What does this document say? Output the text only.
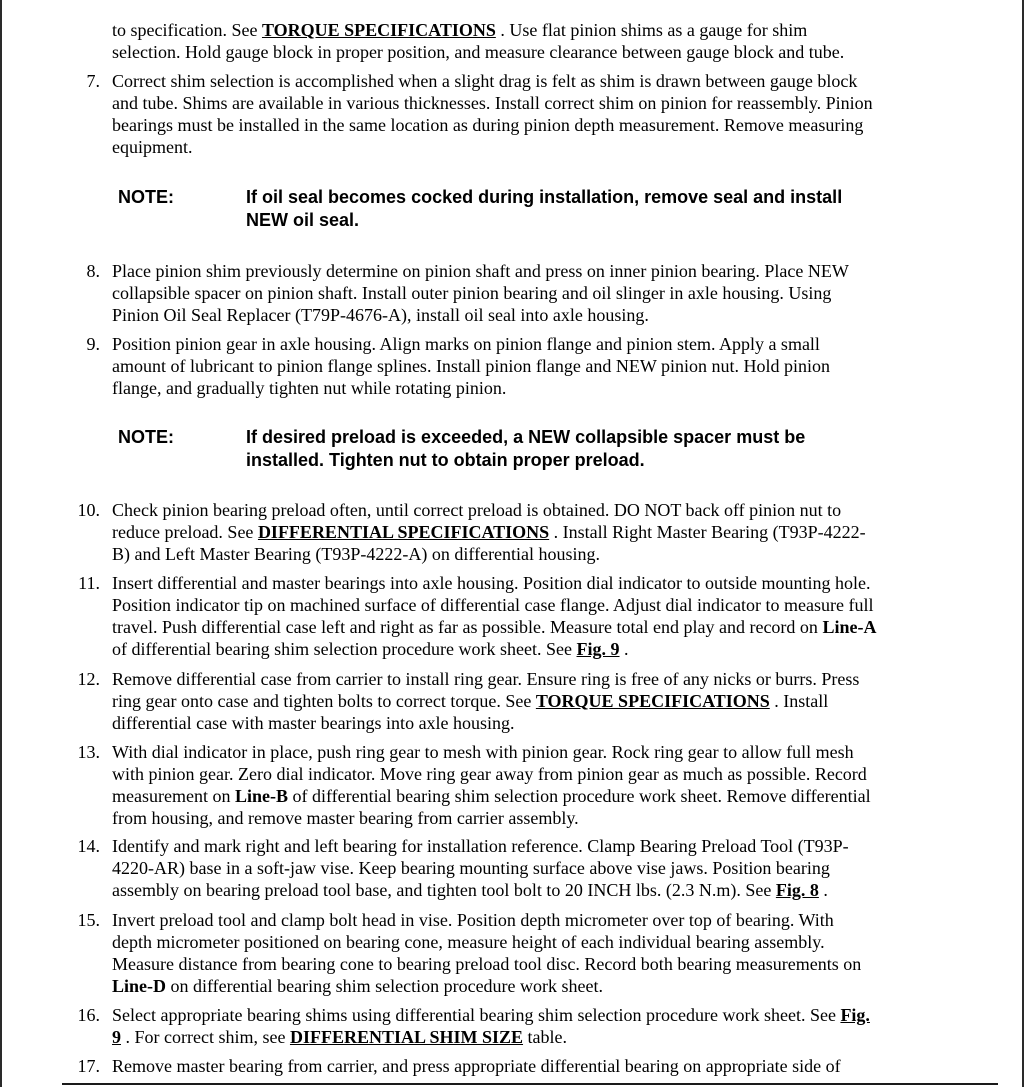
to specification. See TORQUE SPECIFICATIONS . Use flat pinion shims as a gauge for shim
selection. Hold gauge block in proper position, and measure clearance between gauge block and tube.
7. Correct shim selection is accomplished when a slight drag is felt as shim is drawn between gauge block
and tube. Shims are available in various thicknesses. Install correct shim on pinion for reassembly. Pinion
bearings must be installed in the same location as during pinion depth measurement. Remove measuring
equipment.
NOTE:	If oil seal becomes cocked during installation, remove seal and install
NEW oil seal.
8. Place pinion shim previously determine on pinion shaft and press on inner pinion bearing. Place NEW
collapsible spacer on pinion shaft. Install outer pinion bearing and oil slinger in axle housing. Using
Pinion Oil Seal Replacer (T79P-4676-A), install oil seal into axle housing.
9. Position pinion gear in axle housing. Align marks on pinion flange and pinion stem. Apply a small
amount of lubricant to pinion flange splines. Install pinion flange and NEW pinion nut. Hold pinion
flange, and gradually tighten nut while rotating pinion.
NOTE:	If desired preload is exceeded, a NEW collapsible spacer must be
installed. Tighten nut to obtain proper preload.
10. Check pinion bearing preload often, until correct preload is obtained. DO NOT back off pinion nut to
reduce preload. See DIFFERENTIAL SPECIFICATIONS . Install Right Master Bearing (T93P-4222-
B) and Left Master Bearing (T93P-4222-A) on differential housing.
11. Insert differential and master bearings into axle housing. Position dial indicator to outside mounting hole.
Position indicator tip on machined surface of differential case flange. Adjust dial indicator to measure full
travel. Push differential case left and right as far as possible. Measure total end play and record on Line-A
of differential bearing shim selection procedure work sheet. See Fig. 9 .
12. Remove differential case from carrier to install ring gear. Ensure ring is free of any nicks or burrs. Press
ring gear onto case and tighten bolts to correct torque. See TORQUE SPECIFICATIONS . Install
differential case with master bearings into axle housing.
13. With dial indicator in place, push ring gear to mesh with pinion gear. Rock ring gear to allow full mesh
with pinion gear. Zero dial indicator. Move ring gear away from pinion gear as much as possible. Record
measurement on Line-B of differential bearing shim selection procedure work sheet. Remove differential
from housing, and remove master bearing from carrier assembly.
14. Identify and mark right and left bearing for installation reference. Clamp Bearing Preload Tool (T93P-
4220-AR) base in a soft-jaw vise. Keep bearing mounting surface above vise jaws. Position bearing
assembly on bearing preload tool base, and tighten tool bolt to 20 INCH lbs. (2.3 N.m). See Fig. 8 .
15. Invert preload tool and clamp bolt head in vise. Position depth micrometer over top of bearing. With
depth micrometer positioned on bearing cone, measure height of each individual bearing assembly.
Measure distance from bearing cone to bearing preload tool disc. Record both bearing measurements on
Line-D on differential bearing shim selection procedure work sheet.
16. Select appropriate bearing shims using differential bearing shim selection procedure work sheet. See Fig.
9 . For correct shim, see DIFFERENTIAL SHIM SIZE table.
17. Remove master bearing from carrier, and press appropriate differential bearing on appropriate side of
